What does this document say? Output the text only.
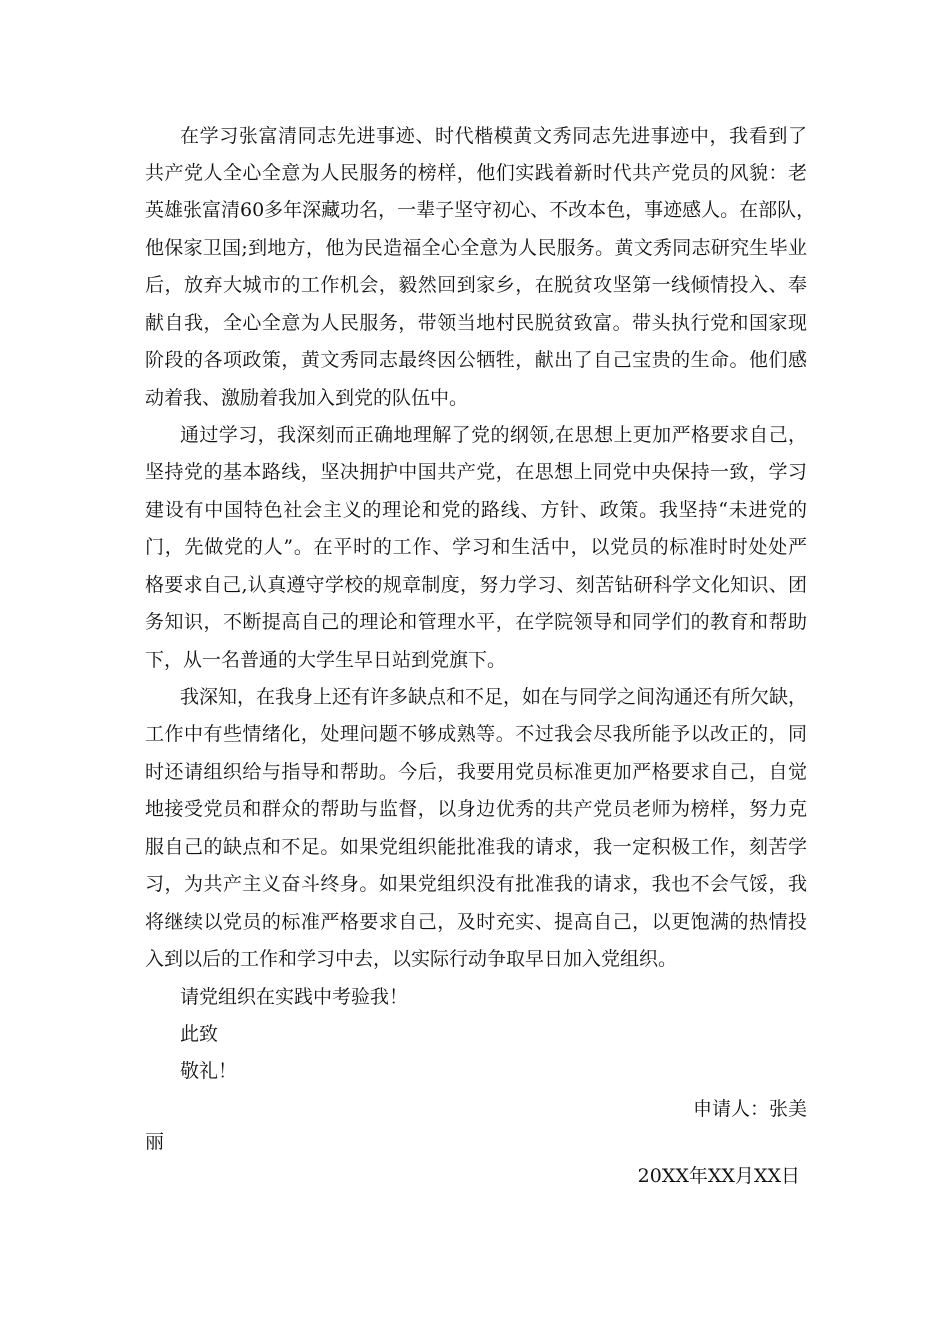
在学习张富清同志先进事迹、时代楷模黄文秀同志先进事迹中，我看到了
共产党人全心全意为人民服务的榜样，他们实践着新时代共产党员的风貌：老
英雄张富清60多年深藏功名，一辈子坚守初心、不改本色，事迹感人。在部队，
他保家卫国;到地方，他为民造福全心全意为人民服务。黄文秀同志研究生毕业
后，放弃大城市的工作机会，毅然回到家乡，在脱贫攻坚第一线倾情投入、奉
献自我，全心全意为人民服务，带领当地村民脱贫致富。带头执行党和国家现
阶段的各项政策，黄文秀同志最终因公牺牲，献出了自己宝贵的生命。他们感
动着我、激励着我加入到党的队伍中。
通过学习，我深刻而正确地理解了党的纲领,在思想上更加严格要求自己，
坚持党的基本路线，坚决拥护中国共产党，在思想上同党中央保持一致，学习
建设有中国特色社会主义的理论和党的路线、方针、政策。我坚持“未进党的
门，先做党的人”。在平时的工作、学习和生活中，以党员的标准时时处处严
格要求自己,认真遵守学校的规章制度，努力学习、刻苦钻研科学文化知识、团
务知识，不断提高自己的理论和管理水平，在学院领导和同学们的教育和帮助
下，从一名普通的大学生早日站到党旗下。
我深知，在我身上还有许多缺点和不足，如在与同学之间沟通还有所欠缺，
工作中有些情绪化，处理问题不够成熟等。不过我会尽我所能予以改正的，同
时还请组织给与指导和帮助。今后，我要用党员标准更加严格要求自己，自觉
地接受党员和群众的帮助与监督，以身边优秀的共产党员老师为榜样，努力克
服自己的缺点和不足。如果党组织能批准我的请求，我一定积极工作，刻苦学
习，为共产主义奋斗终身。如果党组织没有批准我的请求，我也不会气馁，我
将继续以党员的标准严格要求自己，及时充实、提高自己，以更饱满的热情投
入到以后的工作和学习中去，以实际行动争取早日加入党组织。
请党组织在实践中考验我！
此致
敬礼！
申请人：张美
丽
20XX年XX月XX日
